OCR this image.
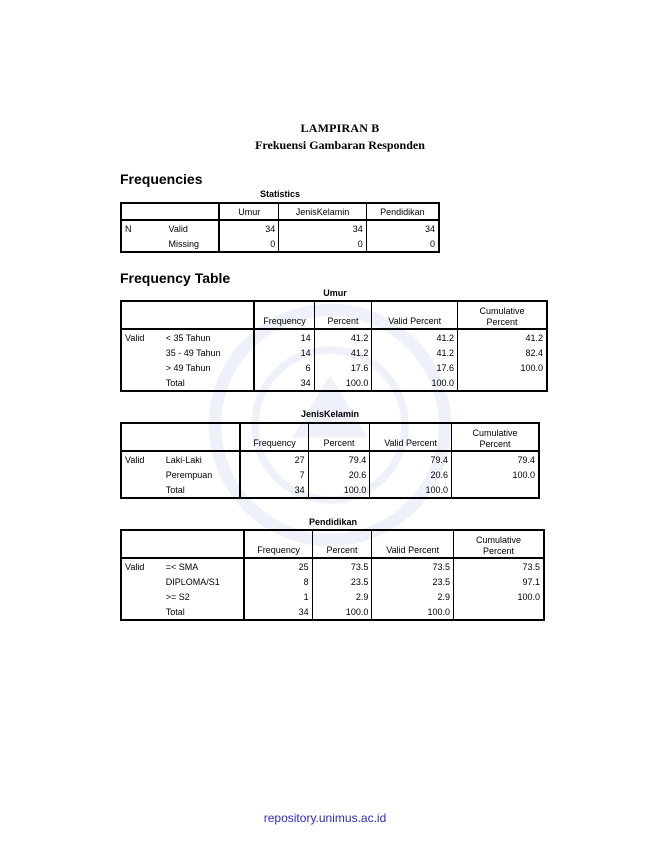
LAMPIRAN B
Frekuensi Gambaran Responden
Frequencies
Statistics
		Umur	JenisKelamin	Pendidikan
N	Valid	34	34	34
	Missing	0	0	0
Frequency Table
Umur
		Frequency	Percent	Valid Percent	Cumulative
Percent
Valid	< 35 Tahun	14	41.2	41.2	41.2
	35 - 49 Tahun	14	41.2	41.2	82.4
	> 49 Tahun	6	17.6	17.6	100.0
	Total	34	100.0	100.0	
JenisKelamin
		Frequency	Percent	Valid Percent	Cumulative
Percent
Valid	Laki-Laki	27	79.4	79.4	79.4
	Perempuan	7	20.6	20.6	100.0
	Total	34	100.0	100.0	
Pendidikan
		Frequency	Percent	Valid Percent	Cumulative
Percent
Valid	=< SMA	25	73.5	73.5	73.5
	DIPLOMA/S1	8	23.5	23.5	97.1
	>= S2	1	2.9	2.9	100.0
	Total	34	100.0	100.0	
repository.unimus.ac.id
